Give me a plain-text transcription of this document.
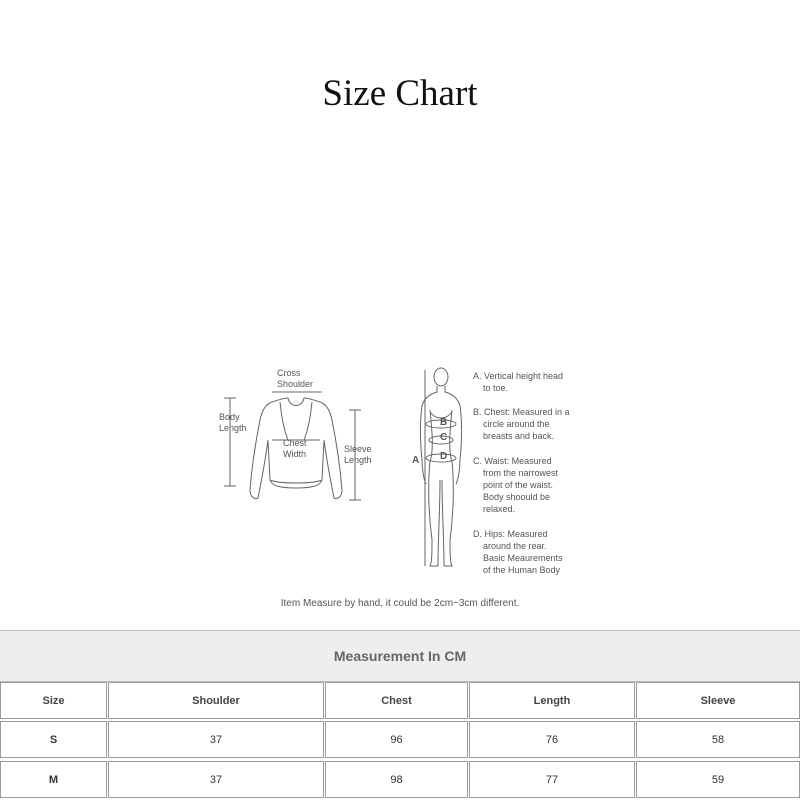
Size Chart
Cross
Shoulder
Body
Length
Chest
Width	Sleeve
Length	A
B
C
D
A. Vertical height head
to toe.
B. Chest: Measured in a
circle around the
breasts and back.
C. Waist: Measured
from the narrowest
point of the waist.
Body shoould be
relaxed.
D. Hips: Measured
around the rear.
Basic Meaurements
of the Human Body
Item Measure by hand, it could be 2cm~3cm different.
Measurement In CM
Size	Shoulder	Chest	Length	Sleeve
S	37	96	76	58
M	37	98	77	59
